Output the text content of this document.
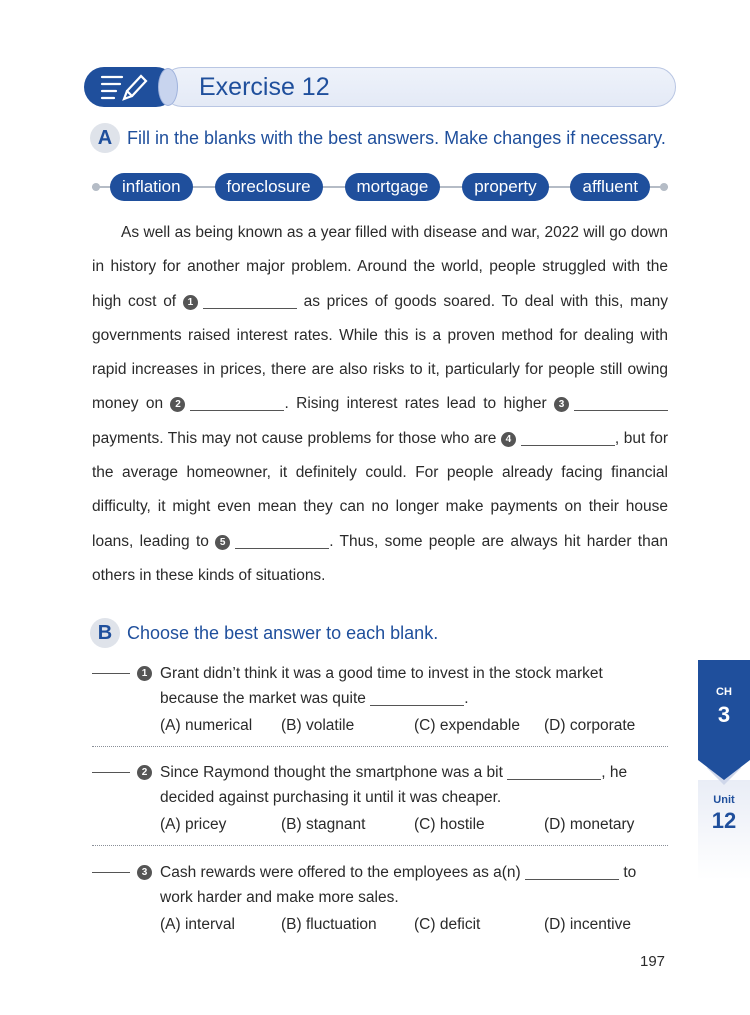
Exercise 12
A Fill in the blanks with the best answers. Make changes if necessary.
inflation	foreclosure	mortgage	property	affluent

As well as being known as a year filled with disease and war, 2022 will go down in history for another major problem. Around the world, people struggled with the high cost of 1	as prices of goods soared. To deal with this, many governments raised interest rates. While this is a proven method for dealing with rapid increases in prices, there are also risks to it, particularly for people still owing money on 2	. Rising interest rates lead to higher 3 payments. This may not cause problems for those who are 4	, but for the average homeowner, it definitely could. For people already facing financial difficulty, it might even mean they can no longer make payments on their house loans, leading to 5	. Thus, some people are always hit harder than others in these kinds of situations.

B Choose the best answer to each blank.
1 Grant didn’t think it was a good time to invest in the stock market
because the market was quite	.
(A) numerical (B) volatile	(C) expendable (D) corporate
2 Since Raymond thought the smartphone was a bit	, he
decided against purchasing it until it was cheaper.
(A) pricey	(B) stagnant	(C) hostile	(D) monetary
3 Cash rewards were offered to the employees as a(n)	to
work harder and make more sales.
(A) interval	(B) fluctuation (C) deficit	(D) incentive
Unit
12
CH
3
197
